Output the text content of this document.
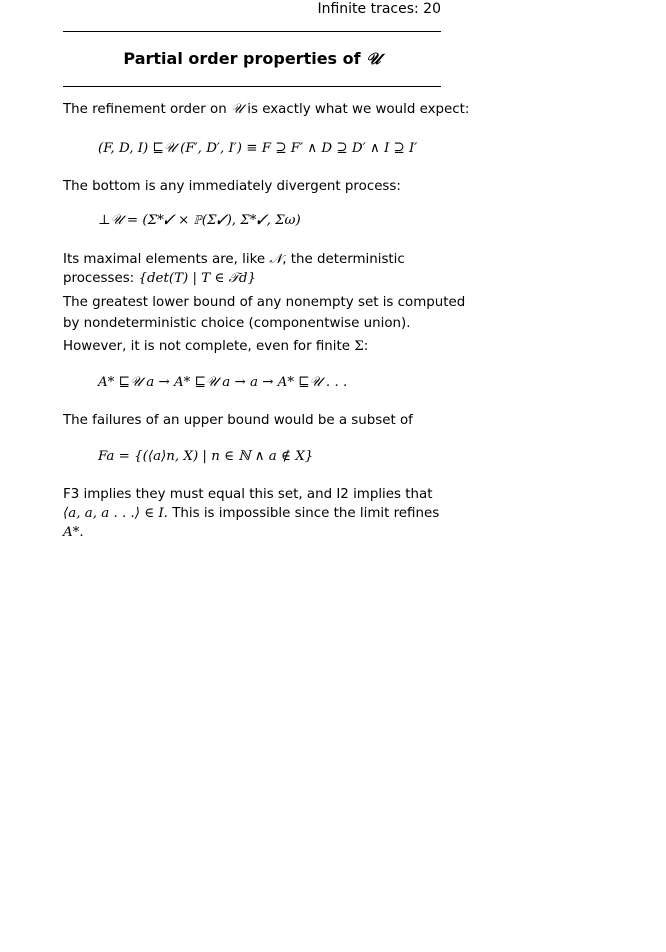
Infinite traces: 20
Partial order properties of 𝒰
The refinement order on 𝒰 is exactly what we would expect:
(F, D, I) ⊑𝒰 (F′, D′, I′) ≡ F ⊇ F′ ∧ D ⊇ D′ ∧ I ⊇ I′
The bottom is any immediately divergent process:
⊥𝒰 = (Σ*✓ × ℙ(Σ✓), Σ*✓, Σω)
Its maximal elements are, like 𝒩, the deterministic
processes: {det(T) | T ∈ 𝒯d}
The greatest lower bound of any nonempty set is computed
by nondeterministic choice (componentwise union).
However, it is not complete, even for finite Σ:
A* ⊑𝒰 a → A* ⊑𝒰 a → a → A* ⊑𝒰 . . .
The failures of an upper bound would be a subset of
Fa = {(⟨a⟩n, X) | n ∈ ℕ ∧ a ∉ X}
F3 implies they must equal this set, and I2 implies that
⟨a, a, a . . .⟩ ∈ I. This is impossible since the limit refines
A*.
